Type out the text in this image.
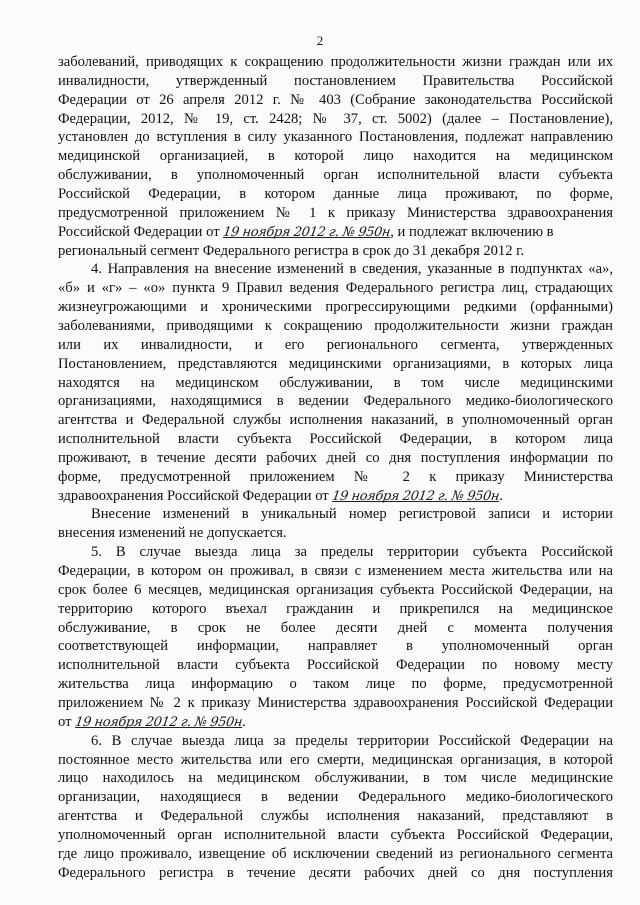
2
заболеваний, приводящих к сокращению продолжительности жизни граждан или их
инвалидности, утвержденный постановлением Правительства Российской
Федерации от 26 апреля 2012 г. № 403 (Собрание законодательства Российской
Федерации, 2012, № 19, ст. 2428; № 37, ст. 5002) (далее – Постановление),
установлен до вступления в силу указанного Постановления, подлежат направлению
медицинской организацией, в которой лицо находится на медицинском
обслуживании, в уполномоченный орган исполнительной власти субъекта
Российской Федерации, в котором данные лица проживают, по форме,
предусмотренной приложением № 1 к приказу Министерства здравоохранения
Российской Федерации от 19 ноября 2012 г. № 950н, и подлежат включению в
региональный сегмент Федерального регистра в срок до 31 декабря 2012 г.
4. Направления на внесение изменений в сведения, указанные в подпунктах «а»,
«б» и «г» – «о» пункта 9 Правил ведения Федерального регистра лиц, страдающих
жизнеугрожающими и хроническими прогрессирующими редкими (орфанными)
заболеваниями, приводящими к сокращению продолжительности жизни граждан
или их инвалидности, и его регионального сегмента, утвержденных
Постановлением, представляются медицинскими организациями, в которых лица
находятся на медицинском обслуживании, в том числе медицинскими
организациями, находящимися в ведении Федерального медико-биологического
агентства и Федеральной службы исполнения наказаний, в уполномоченный орган
исполнительной власти субъекта Российской Федерации, в котором лица
проживают, в течение десяти рабочих дней со дня поступления информации по
форме, предусмотренной приложением № 2 к приказу Министерства
здравоохранения Российской Федерации от 19 ноября 2012 г. № 950н.
Внесение изменений в уникальный номер регистровой записи и истории
внесения изменений не допускается.
5. В случае выезда лица за пределы территории субъекта Российской
Федерации, в котором он проживал, в связи с изменением места жительства или на
срок более 6 месяцев, медицинская организация субъекта Российской Федерации, на
территорию которого въехал гражданин и прикрепился на медицинское
обслуживание, в срок не более десяти дней с момента получения
соответствующей информации, направляет в уполномоченный орган
исполнительной власти субъекта Российской Федерации по новому месту
жительства лица информацию о таком лице по форме, предусмотренной
приложением № 2 к приказу Министерства здравоохранения Российской Федерации
от 19 ноября 2012 г. № 950н.
6. В случае выезда лица за пределы территории Российской Федерации на
постоянное место жительства или его смерти, медицинская организация, в которой
лицо находилось на медицинском обслуживании, в том числе медицинские
организации, находящиеся в ведении Федерального медико-биологического
агентства и Федеральной службы исполнения наказаний, представляют в
уполномоченный орган исполнительной власти субъекта Российской Федерации,
где лицо проживало, извещение об исключении сведений из регионального сегмента
Федерального регистра в течение десяти рабочих дней со дня поступления
